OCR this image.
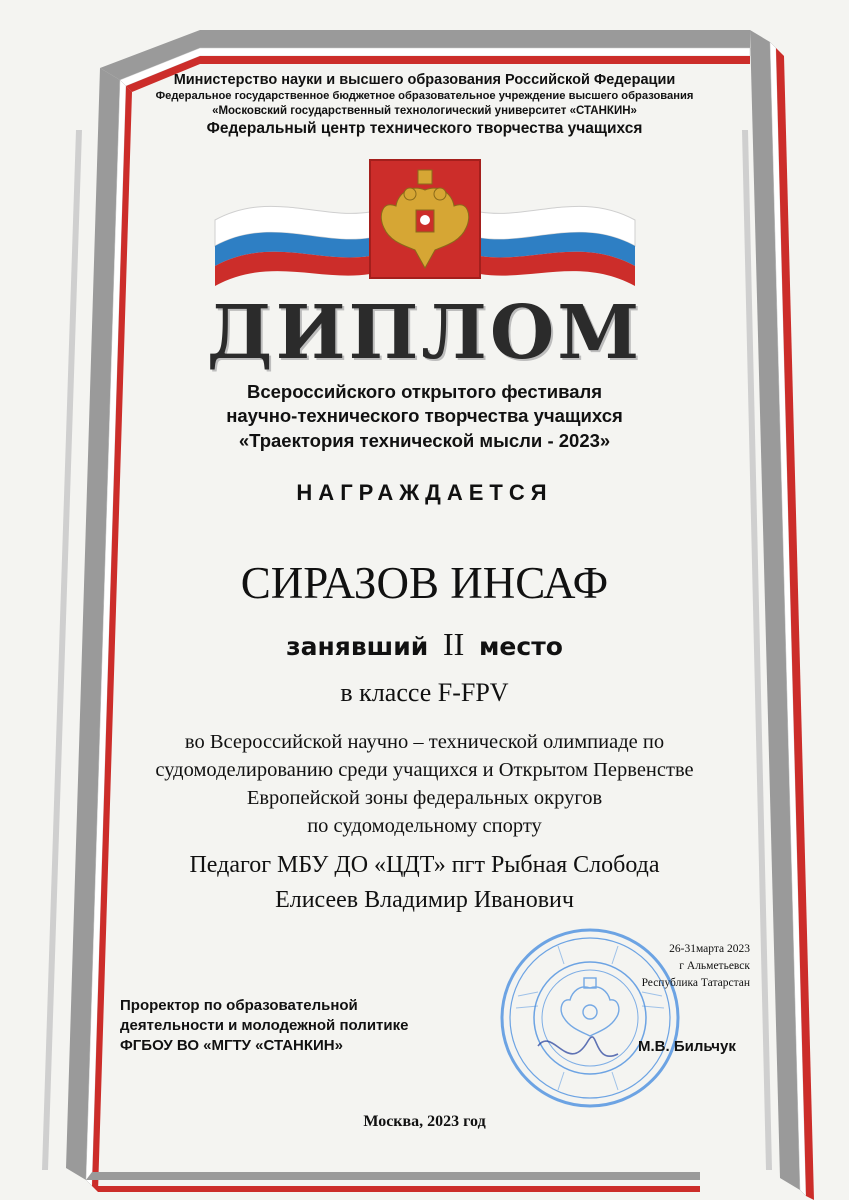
Министерство науки и высшего образования Российской Федерации
Федеральное государственное бюджетное образовательное учреждение высшего образования
«Московский государственный технологический университет «СТАНКИН»
Федеральный центр технического творчества учащихся
ДИПЛОМ
Всероссийского открытого фестиваля
научно-технического творчества учащихся
«Траектория технической мысли - 2023»
НАГРАЖДАЕТСЯ
СИРАЗОВ ИНСАФ
занявший II место
в классе F-FPV
во Всероссийской научно – технической олимпиаде по
судомоделированию среди учащихся и Открытом Первенстве
Европейской зоны федеральных округов
по судомодельному спорту
Педагог МБУ ДО «ЦДТ» пгт Рыбная Слобода
Елисеев Владимир Иванович
26-31марта 2023
г Альметьевск
Республика Татарстан
Проректор по образовательной
деятельности и молодежной политике
ФГБОУ ВО «МГТУ «СТАНКИН»	М.В. Бильчук
Москва, 2023 год
